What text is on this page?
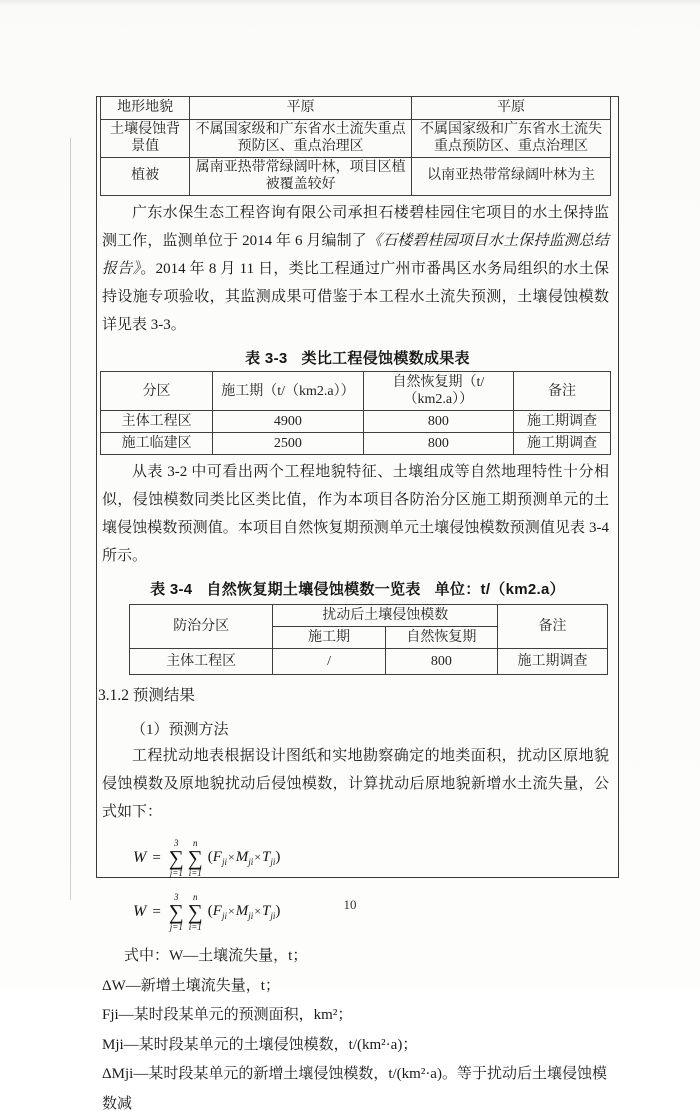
地形地貌	平原	平原
土壤侵蚀背景值	不属国家级和广东省水土流失重点预防区、重点治理区	不属国家级和广东省水土流失重点预防区、重点治理区
植被	属南亚热带常绿阔叶林，项目区植被覆盖较好	以南亚热带常绿阔叶林为主

广东水保生态工程咨询有限公司承担石楼碧桂园住宅项目的水土保持监测工作，监测单位于 2014 年 6 月编制了《石楼碧桂园项目水土保持监测总结报告》。2014 年 8 月 11 日，类比工程通过广州市番禺区水务局组织的水土保持设施专项验收，其监测成果可借鉴于本工程水土流失预测，土壤侵蚀模数详见表 3-3。

表 3-3 类比工程侵蚀模数成果表
分区	施工期（t/（km2.a））	自然恢复期（t/（km2.a））	备注
主体工程区	4900	800	施工期调查
施工临建区	2500	800	施工期调查

从表 3-2 中可看出两个工程地貌特征、土壤组成等自然地理特性十分相似，侵蚀模数同类比区类比值，作为本项目各防治分区施工期预测单元的土壤侵蚀模数预测值。本项目自然恢复期预测单元土壤侵蚀模数预测值见表 3-4 所示。

表 3-4 自然恢复期土壤侵蚀模数一览表 单位：t/（km2.a）
防治分区	扰动后土壤侵蚀模数		备注
	施工期	自然恢复期	
主体工程区	/	800	施工期调查
3.1.2 预测结果
（1）预测方法

工程扰动地表根据设计图纸和实地勘察确定的地类面积，扰动区原地貌侵蚀模数及原地貌扰动后侵蚀模数，计算扰动后原地貌新增水土流失量，公式如下：

W =
3
∑
j=1
n
∑
i=1
$(F_{ji}\times M_{ji}\times T_{ji})$
W =
3
∑
j=1
n
∑
i=1
$(F_{ji}\times M_{ji}\times T_{ji})$
式中：W—土壤流失量，t；
ΔW—新增土壤流失量，t；
Fji—某时段某单元的预测面积，km²；
Mji—某时段某单元的土壤侵蚀模数，t/(km²·a)；
ΔMji—某时段某单元的新增土壤侵蚀模数，t/(km²·a)。等于扰动后土壤侵蚀模数减
10
